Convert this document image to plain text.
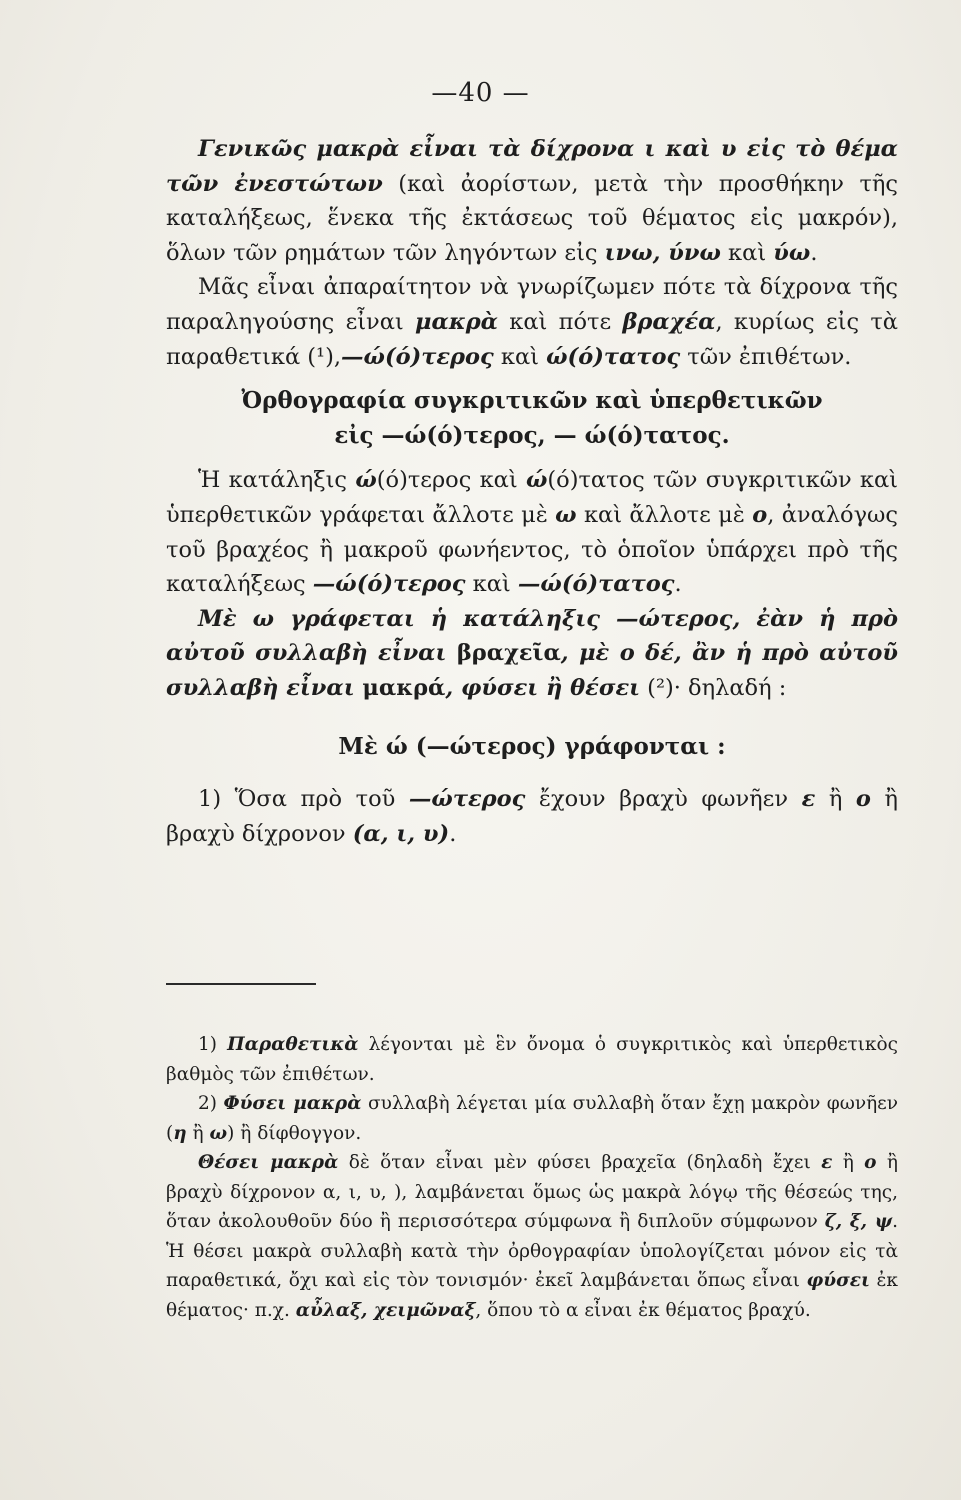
—40 —

Γενικῶς μακρὰ εἶναι τὰ δίχρονα ι καὶ υ εἰς τὸ θέμα τῶν ἐνεστώτων (καὶ ἀορίστων, μετὰ τὴν προσθήκην τῆς καταλήξεως, ἕνεκα τῆς ἐκτάσεως τοῦ θέματος εἰς μακρόν), ὅλων τῶν ρημάτων τῶν ληγόντων εἰς ινω, ύνω καὶ ύω.

Μᾶς εἶναι ἀπαραίτητον νὰ γνωρίζωμεν πότε τὰ δίχρονα τῆς παραληγούσης εἶναι μακρὰ καὶ πότε βραχέα, κυρίως εἰς τὰ παραθετικά (¹),—ώ(ό)τερος καὶ ώ(ό)τατος τῶν ἐπιθέτων.

Ὀρθογραφία συγκριτικῶν καὶ ὑπερθετικῶν

εἰς —ώ(ό)τερος, — ώ(ό)τατος.

Ἡ κατάληξις ώ(ό)τερος καὶ ώ(ό)τατος τῶν συγκριτικῶν καὶ ὑπερθετικῶν γράφεται ἄλλοτε μὲ ω καὶ ἄλλοτε μὲ ο, ἀναλόγως τοῦ βραχέος ἢ μακροῦ φωνήεντος, τὸ ὁποῖον ὑπάρχει πρὸ τῆς καταλήξεως —ώ(ό)τερος καὶ —ώ(ό)τατος.

Μὲ ω γράφεται ἡ κατάληξις —ώτερος, ἐὰν ἡ πρὸ αὐτοῦ συλλαβὴ εἶναι βραχεῖα, μὲ ο δέ, ἂν ἡ πρὸ αὐτοῦ συλλαβὴ εἶναι μακρά, φύσει ἢ θέσει (²)· δηλαδή :

Μὲ ώ (—ώτερος) γράφονται :

1) Ὅσα πρὸ τοῦ —ώτερος ἔχουν βραχὺ φωνῆεν ε ἢ ο ἢ βραχὺ δίχρονον (α, ι, υ).

1) Παραθετικὰ λέγονται μὲ ἓν ὄνομα ὁ συγκριτικὸς καὶ ὑπερθετικὸς βαθμὸς τῶν ἐπιθέτων.

2) Φύσει μακρὰ συλλαβὴ λέγεται μία συλλαβὴ ὅταν ἔχῃ μακρὸν φωνῆεν (η ἢ ω) ἢ δίφθογγον.

Θέσει μακρὰ δὲ ὅταν εἶναι μὲν φύσει βραχεῖα (δηλαδὴ ἔχει ε ἢ ο ἢ βραχὺ δίχρονον α, ι, υ, ), λαμβάνεται ὅμως ὡς μακρὰ λόγῳ τῆς θέσεώς της, ὅταν ἀκολουθοῦν δύο ἢ περισσότερα σύμφωνα ἢ διπλοῦν σύμφωνον ζ, ξ, ψ. Ἡ θέσει μακρὰ συλλαβὴ κατὰ τὴν ὀρθογραφίαν ὑπολογίζεται μόνον εἰς τὰ παραθετικά, ὄχι καὶ εἰς τὸν τονισμόν· ἐκεῖ λαμβάνεται ὅπως εἶναι φύσει ἐκ θέματος· π.χ. αὖλαξ, χειμῶναξ, ὅπου τὸ α εἶναι ἐκ θέματος βραχύ.
